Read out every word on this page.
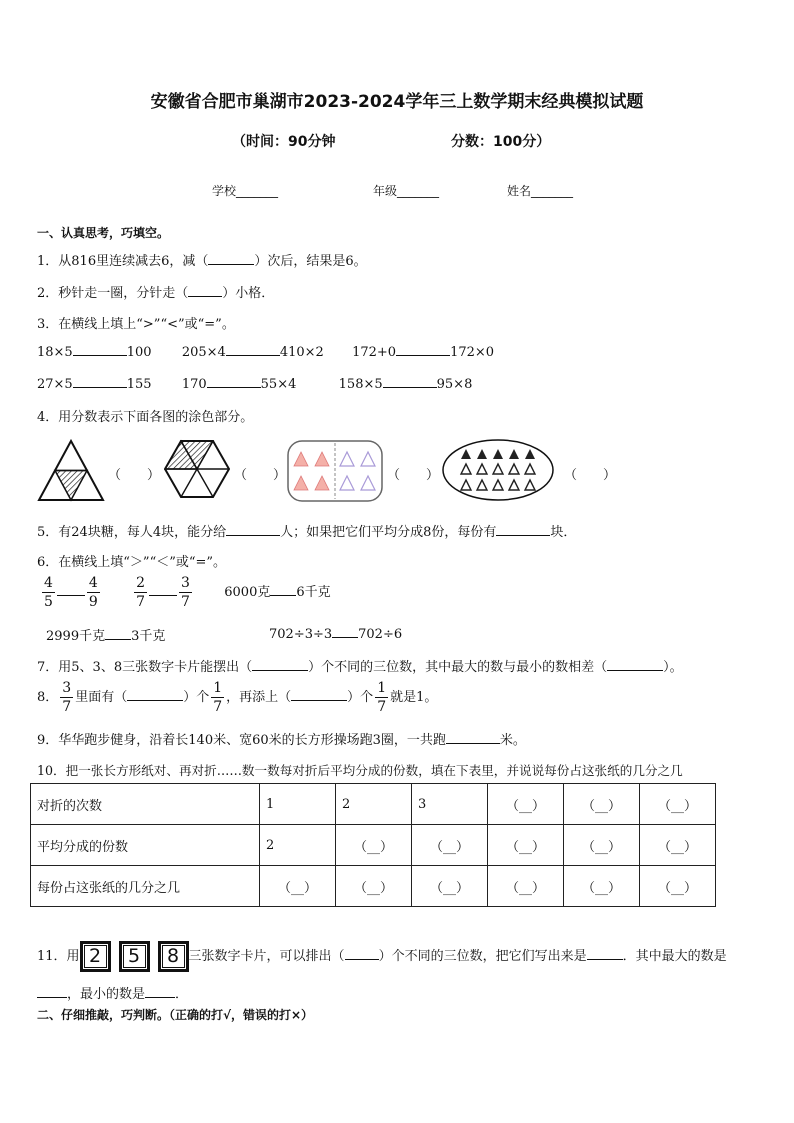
安徽省合肥市巢湖市2023-2024学年三上数学期末经典模拟试题
（时间：90分钟	分数：100分）
学校_______	年级_______	姓名_______
一、认真思考，巧填空。
1．从816里连续减去6，减（	）次后，结果是6。
2．秒针走一圈，分针走（	）小格．
3．在横线上填上“>”“<”或“=”。
18×5	100 205×4	410×2 172+0	172×0
27×5	155 170	55×4	158×5	95×8
4．用分数表示下面各图的涂色部分。
（　　）	（　　）	（　　）	（　　）
5．有24块糖，每人4块，能分给	人；如果把它们平均分成8份，每份有	块．
6．在横线上填“＞”“＜”或“=”。
$\frac{4}{5} \frac{4}{9}$
$\frac{2}{7} \frac{3}{7} 6000$克 6千克
2999千克 3千克	702÷3÷3 702÷6
7．用5、3、8三张数字卡片能摆出（	）个不同的三位数，其中最大的数与最小的数相差（	）。
8． $\frac{3}{7}$ 里面有（	）个 $\frac{1}{7}$ ，再添上（	）个 $\frac{1}{7}$ 就是1。
9．华华跑步健身，沿着长140米、宽60米的长方形操场跑3圈，一共跑	米。
10．把一张长方形纸对、再对折……数一数每对折后平均分成的份数，填在下表里，并说说每份占这张纸的几分之几
对折的次数	1	2	3	（__）	（__）	（__）
平均分成的份数	2	（__）	（__）	（__）	（__）	（__）
每份占这张纸的几分之几	（__）	（__）	（__）	（__）	（__）	（__）
11．用 2 5 8 三张数字卡片，可以排出（	）个不同的三位数，把它们写出来是	．其中最大的数是
，最小的数是 ．
二、仔细推敲，巧判断。（正确的打√，错误的打×）
